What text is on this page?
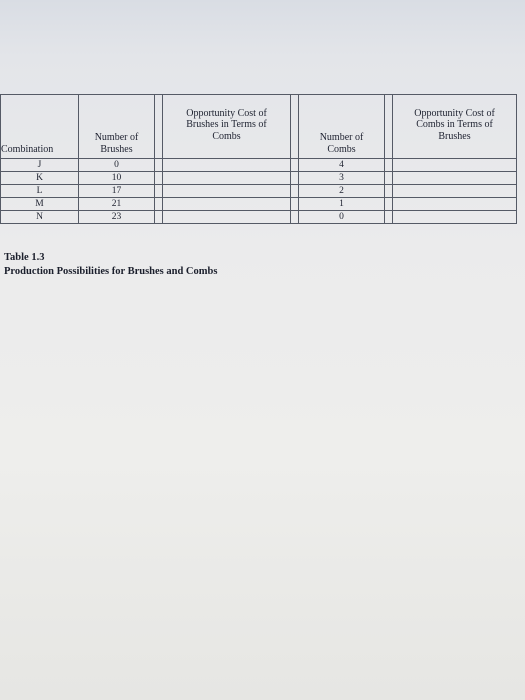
Combination	Number of Brushes		Opportunity Cost of Brushes in Terms of Combs		Number of Combs		Opportunity Cost of Combs in Terms of Brushes

J	0				4		
K	10				3		
L	17				2		
M	21				1		
N	23				0		
Table 1.3
Production Possibilities for Brushes and Combs
